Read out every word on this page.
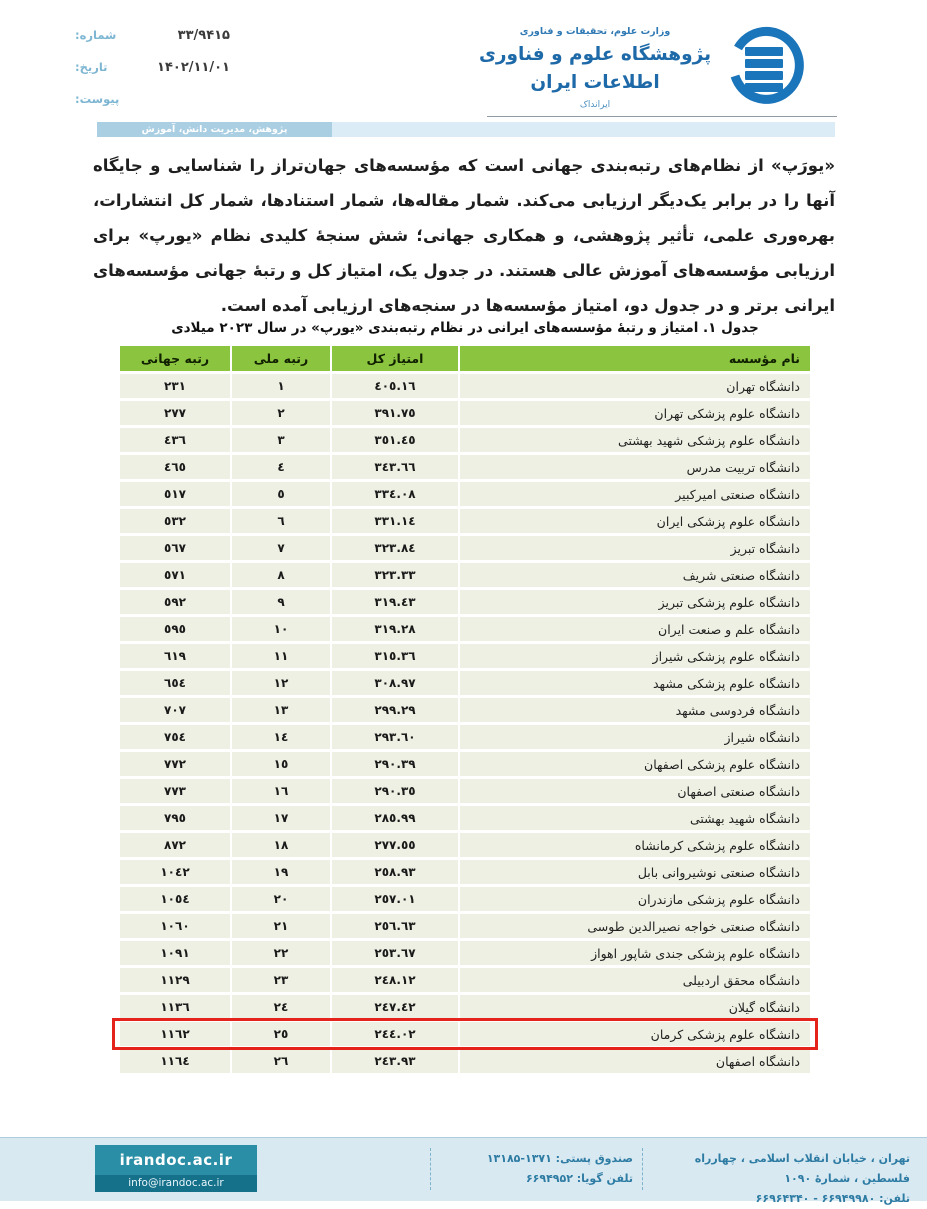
شماره:	۳۳/۹۴۱۵
تاریخ:	۱۴۰۲/۱۱/۰۱
پیوست:
وزارت علوم، تحقیقات و فناوری
پژوهشگاه علوم و فناوری اطلاعات ایران
ایرانداک
پژوهش، مدیریت دانش، آموزش

«یورَپ» از نظام‌های رتبه‌بندی جهانی است که مؤسسه‌های جهان‌تراز را شناسایی و جایگاه آنها را در برابر یک‌دیگر ارزیابی می‌کند. شمار مقاله‌ها، شمار استنادها، شمار کل انتشارات، بهره‌وری علمی، تأثیر پژوهشی، و همکاری جهانی؛ شش سنجهٔ کلیدی نظام «یورپ» برای ارزیابی مؤسسه‌های آموزش عالی هستند. در جدول یک، امتیاز کل و رتبهٔ جهانی مؤسسه‌های ایرانی برتر و در جدول دو، امتیاز مؤسسه‌ها در سنجه‌های ارزیابی آمده است.

جدول ۱. امتیاز و رتبهٔ مؤسسه‌های ایرانی در نظام رتبه‌بندی «یورپ» در سال ۲۰۲۳ میلادی
نام مؤسسه	امتیاز کل	رتبه ملی	رتبه جهانی
دانشگاه تهران	٤٠٥.١٦	١	٢٣١
دانشگاه علوم پزشکی تهران	٣٩١.٧٥	٢	٢٧٧
دانشگاه علوم پزشکی شهید بهشتی	٣٥١.٤٥	٣	٤٣٦
دانشگاه تربیت مدرس	٣٤٣.٦٦	٤	٤٦٥
دانشگاه صنعتی امیرکبیر	٣٣٤.٠٨	٥	٥١٧
دانشگاه علوم پزشکی ایران	٣٣١.١٤	٦	٥٣٢
دانشگاه تبریز	٣٢٣.٨٤	٧	٥٦٧
دانشگاه صنعتی شریف	٣٢٣.٣٣	٨	٥٧١
دانشگاه علوم پزشکی تبریز	٣١٩.٤٣	٩	٥٩٢
دانشگاه علم و صنعت ایران	٣١٩.٢٨	١٠	٥٩٥
دانشگاه علوم پزشکی شیراز	٣١٥.٣٦	١١	٦١٩
دانشگاه علوم پزشکی مشهد	٣٠٨.٩٧	١٢	٦٥٤
دانشگاه فردوسی مشهد	٢٩٩.٢٩	١٣	٧٠٧
دانشگاه شیراز	٢٩٣.٦٠	١٤	٧٥٤
دانشگاه علوم پزشکی اصفهان	٢٩٠.٣٩	١٥	٧٧٢
دانشگاه صنعتی اصفهان	٢٩٠.٣٥	١٦	٧٧٣
دانشگاه شهید بهشتی	٢٨٥.٩٩	١٧	٧٩٥
دانشگاه علوم پزشکی کرمانشاه	٢٧٧.٥٥	١٨	٨٧٢
دانشگاه صنعتی نوشیروانی بابل	٢٥٨.٩٣	١٩	١٠٤٢
دانشگاه علوم پزشکی مازندران	٢٥٧.٠١	٢٠	١٠٥٤
دانشگاه صنعتی خواجه نصیرالدین طوسی	٢٥٦.٦٣	٢١	١٠٦٠
دانشگاه علوم پزشکی جندی شاپور اهواز	٢٥٣.٦٧	٢٢	١٠٩١
دانشگاه محقق اردبیلی	٢٤٨.١٢	٢٣	١١٢٩
دانشگاه گیلان	٢٤٧.٤٢	٢٤	١١٣٦
دانشگاه علوم پزشکی کرمان	٢٤٤.٠٢	٢٥	١١٦٢
دانشگاه اصفهان	٢٤٣.٩٣	٢٦	١١٦٤
irandoc.ac.ir
info@irandoc.ac.ir
صندوق پستی: ۱۳۷۱-۱۳۱۸۵
تلفن گویا: ۶۶۹۴۹۵۲
تهران ، خیابان انقلاب اسلامی ، چهارراه فلسطین ، شمارهٔ ۱۰۹۰
تلفن: ۶۶۹۴۹۹۸۰ - ۶۶۹۶۴۳۴۰
